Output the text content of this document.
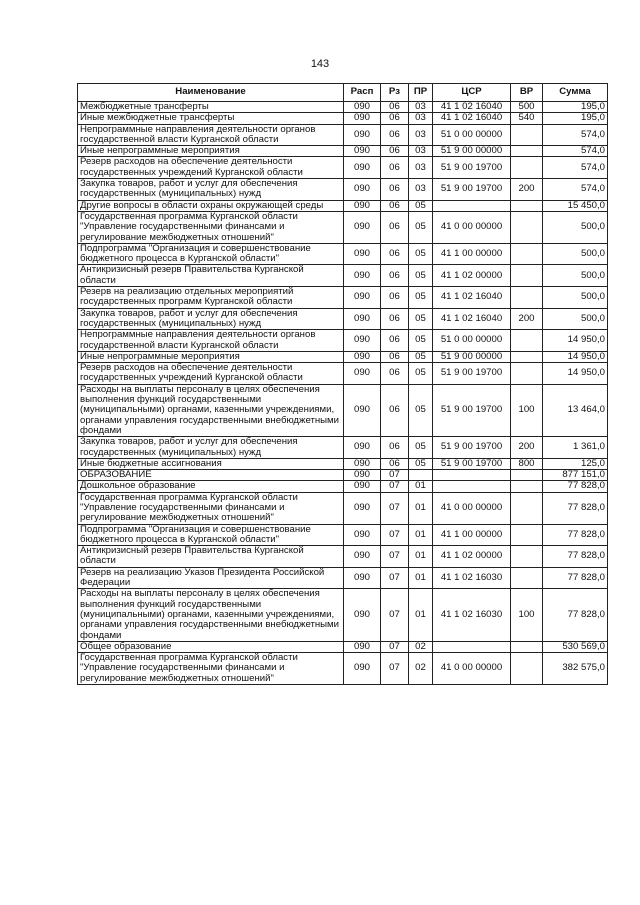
143
Наименование	Расп	Рз	ПР	ЦСР	ВР	Сумма
Межбюджетные трансферты	090	06	03	41 1 02 16040	500	195,0
Иные межбюджетные трансферты	090	06	03	41 1 02 16040	540	195,0
Непрограммные направления деятельности органов государственной власти Курганской области	090	06	03	51 0 00 00000		574,0
Иные непрограммные мероприятия	090	06	03	51 9 00 00000		574,0
Резерв расходов на обеспечение деятельности государственных учреждений Курганской области	090	06	03	51 9 00 19700		574,0
Закупка товаров, работ и услуг для обеспечения государственных (муниципальных) нужд	090	06	03	51 9 00 19700	200	574,0
Другие вопросы в области охраны окружающей среды	090	06	05			15 450,0
Государственная программа Курганской области "Управление государственными финансами и регулирование межбюджетных отношений"	090	06	05	41 0 00 00000		500,0
Подпрограмма "Организация и совершенствование бюджетного процесса в Курганской области"	090	06	05	41 1 00 00000		500,0
Антикризисный резерв Правительства Курганской области	090	06	05	41 1 02 00000		500,0
Резерв на реализацию отдельных мероприятий государственных программ Курганской области	090	06	05	41 1 02 16040		500,0
Закупка товаров, работ и услуг для обеспечения государственных (муниципальных) нужд	090	06	05	41 1 02 16040	200	500,0
Непрограммные направления деятельности органов государственной власти Курганской области	090	06	05	51 0 00 00000		14 950,0
Иные непрограммные мероприятия	090	06	05	51 9 00 00000		14 950,0
Резерв расходов на обеспечение деятельности государственных учреждений Курганской области	090	06	05	51 9 00 19700		14 950,0
Расходы на выплаты персоналу в целях обеспечения выполнения функций государственными (муниципальными) органами, казенными учреждениями, органами управления государственными внебюджетными фондами	090	06	05	51 9 00 19700	100	13 464,0
Закупка товаров, работ и услуг для обеспечения государственных (муниципальных) нужд	090	06	05	51 9 00 19700	200	1 361,0
Иные бюджетные ассигнования	090	06	05	51 9 00 19700	800	125,0
ОБРАЗОВАНИЕ	090	07				877 151,0
Дошкольное образование	090	07	01			77 828,0
Государственная программа Курганской области "Управление государственными финансами и регулирование межбюджетных отношений"	090	07	01	41 0 00 00000		77 828,0
Подпрограмма "Организация и совершенствование бюджетного процесса в Курганской области"	090	07	01	41 1 00 00000		77 828,0
Антикризисный резерв Правительства Курганской области	090	07	01	41 1 02 00000		77 828,0
Резерв на реализацию Указов Президента Российской Федерации	090	07	01	41 1 02 16030		77 828,0
Расходы на выплаты персоналу в целях обеспечения выполнения функций государственными (муниципальными) органами, казенными учреждениями, органами управления государственными внебюджетными фондами	090	07	01	41 1 02 16030	100	77 828,0
Общее образование	090	07	02			530 569,0
Государственная программа Курганской области "Управление государственными финансами и регулирование межбюджетных отношений"	090	07	02	41 0 00 00000		382 575,0
